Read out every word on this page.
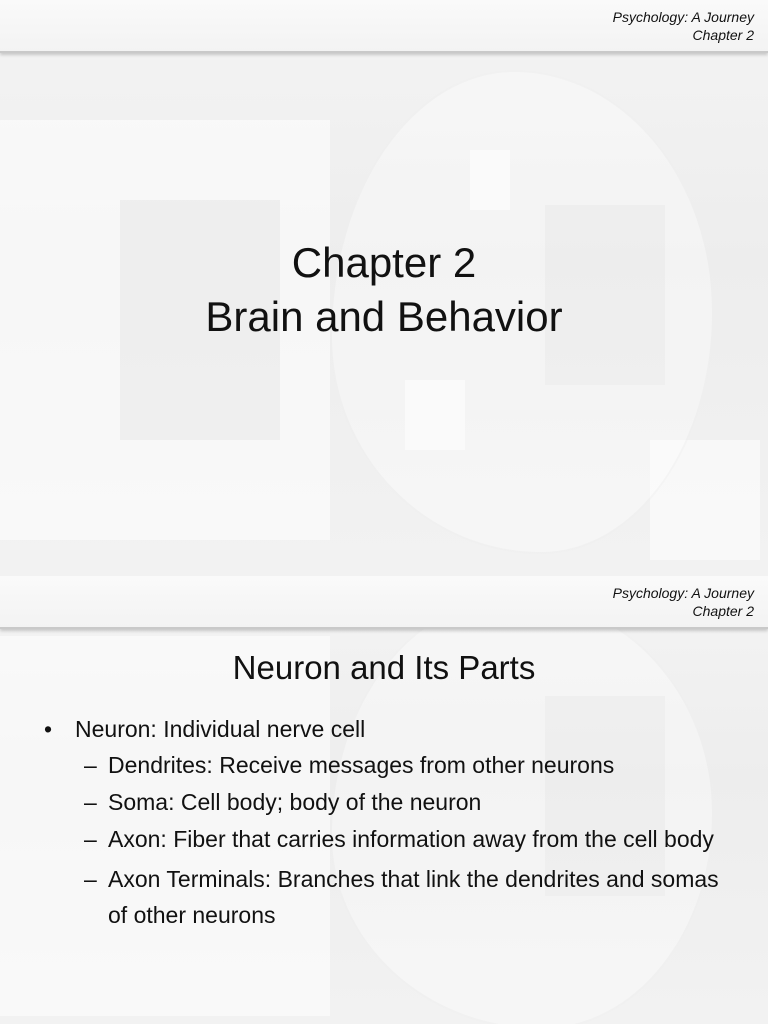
Psychology: A Journey
Chapter 2
Chapter 2
Brain and Behavior
Psychology: A Journey
Chapter 2
Neuron and Its Parts
• Neuron: Individual nerve cell
– Dendrites: Receive messages from other neurons
– Soma: Cell body; body of the neuron
– Axon: Fiber that carries information away from the cell body
– Axon Terminals: Branches that link the dendrites and somas of other neurons
